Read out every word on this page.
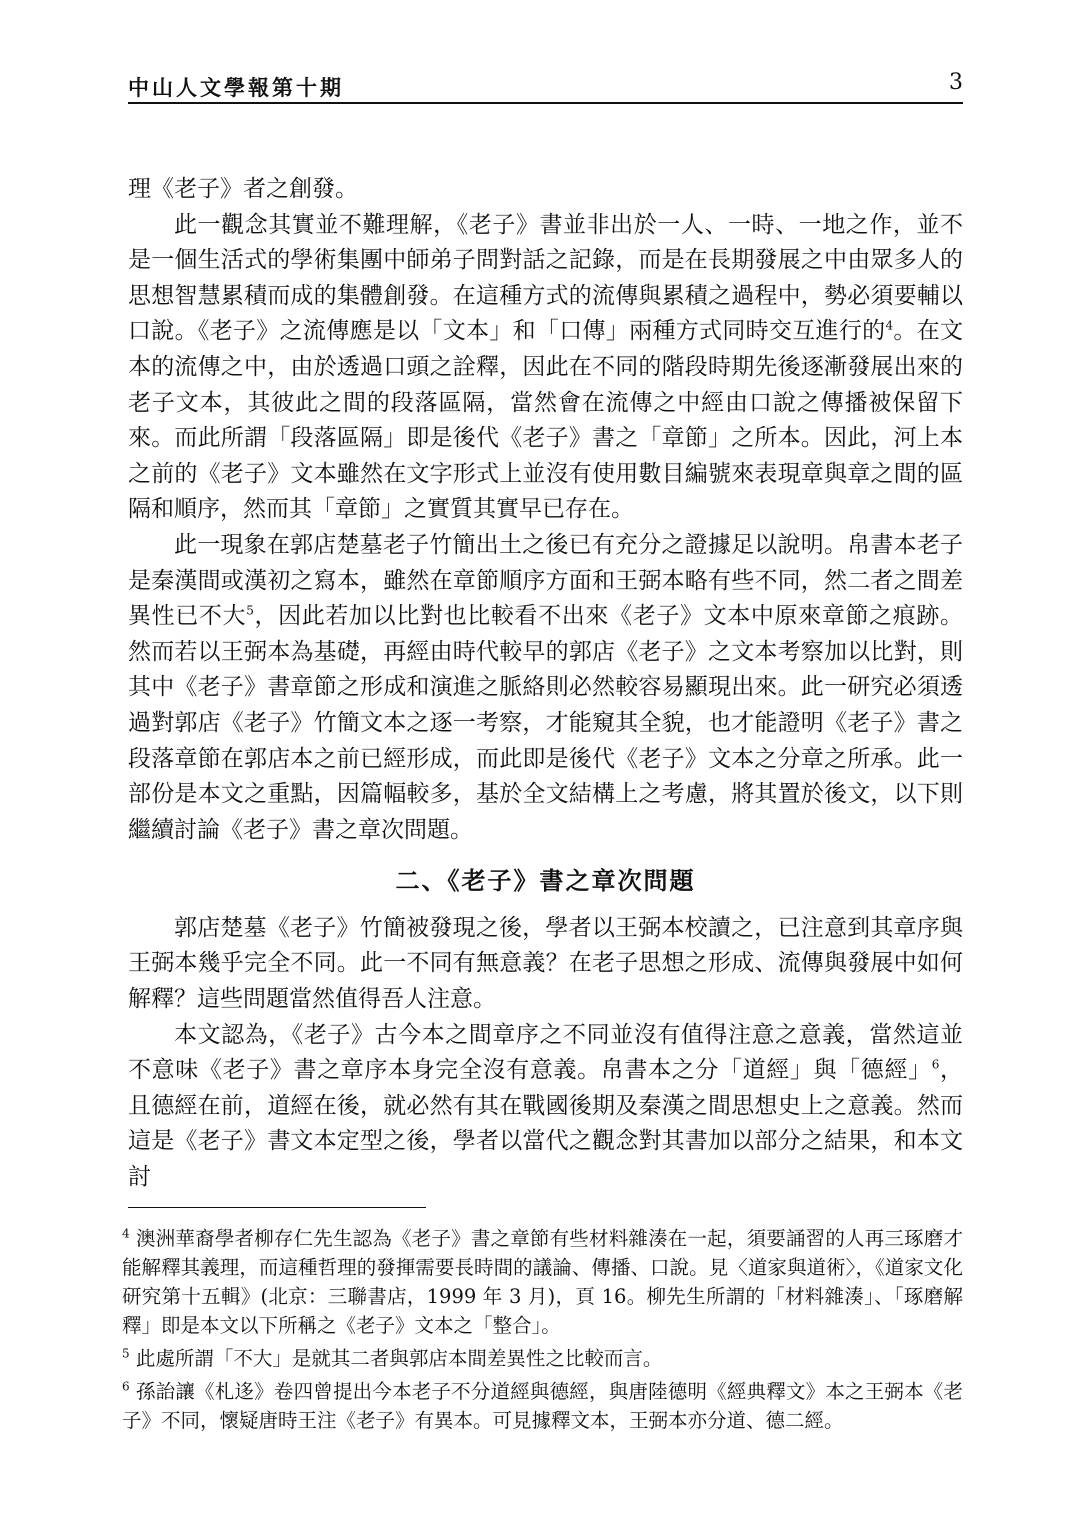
中山人文學報第十期	3

理《老子》者之創發。

此一觀念其實並不難理解，《老子》書並非出於一人、一時、一地之作，並不是一個生活式的學術集團中師弟子問對話之記錄，而是在長期發展之中由眾多人的思想智慧累積而成的集體創發。在這種方式的流傳與累積之過程中，勢必須要輔以口說。《老子》之流傳應是以「文本」和「口傳」兩種方式同時交互進行的$^4$。在文本的流傳之中，由於透過口頭之詮釋，因此在不同的階段時期先後逐漸發展出來的老子文本，其彼此之間的段落區隔，當然會在流傳之中經由口說之傳播被保留下來。而此所謂「段落區隔」即是後代《老子》書之「章節」之所本。因此，河上本之前的《老子》文本雖然在文字形式上並沒有使用數目編號來表現章與章之間的區隔和順序，然而其「章節」之實質其實早已存在。

此一現象在郭店楚墓老子竹簡出土之後已有充分之證據足以說明。帛書本老子是秦漢間或漢初之寫本，雖然在章節順序方面和王弼本略有些不同，然二者之間差異性已不大$^5$，因此若加以比對也比較看不出來《老子》文本中原來章節之痕跡。然而若以王弼本為基礎，再經由時代較早的郭店《老子》之文本考察加以比對，則其中《老子》書章節之形成和演進之脈絡則必然較容易顯現出來。此一研究必須透過對郭店《老子》竹簡文本之逐一考察，才能窺其全貌，也才能證明《老子》書之段落章節在郭店本之前已經形成，而此即是後代《老子》文本之分章之所承。此一部份是本文之重點，因篇幅較多，基於全文結構上之考慮，將其置於後文，以下則繼續討論《老子》書之章次問題。

二、《老子》書之章次問題

郭店楚墓《老子》竹簡被發現之後，學者以王弼本校讀之，已注意到其章序與王弼本幾乎完全不同。此一不同有無意義？在老子思想之形成、流傳與發展中如何解釋？這些問題當然值得吾人注意。

本文認為，《老子》古今本之間章序之不同並沒有值得注意之意義，當然這並不意味《老子》書之章序本身完全沒有意義。帛書本之分「道經」與「德經」$^6$，且德經在前，道經在後，就必然有其在戰國後期及秦漢之間思想史上之意義。然而這是《老子》書文本定型之後，學者以當代之觀念對其書加以部分之結果，和本文討

$^4$ 澳洲華裔學者柳存仁先生認為《老子》書之章節有些材料雜湊在一起，須要誦習的人再三琢磨才能解釋其義理，而這種哲理的發揮需要長時間的議論、傳播、口說。見〈道家與道術〉，《道家文化研究第十五輯》(北京：三聯書店，1999 年 3 月)，頁 16。柳先生所謂的「材料雜湊」、「琢磨解釋」即是本文以下所稱之《老子》文本之「整合」。

$^5$ 此處所謂「不大」是就其二者與郭店本間差異性之比較而言。

$^6$ 孫詒讓《札迻》卷四曾提出今本老子不分道經與德經，與唐陸德明《經典釋文》本之王弼本《老子》不同，懷疑唐時王注《老子》有異本。可見據釋文本，王弼本亦分道、德二經。
